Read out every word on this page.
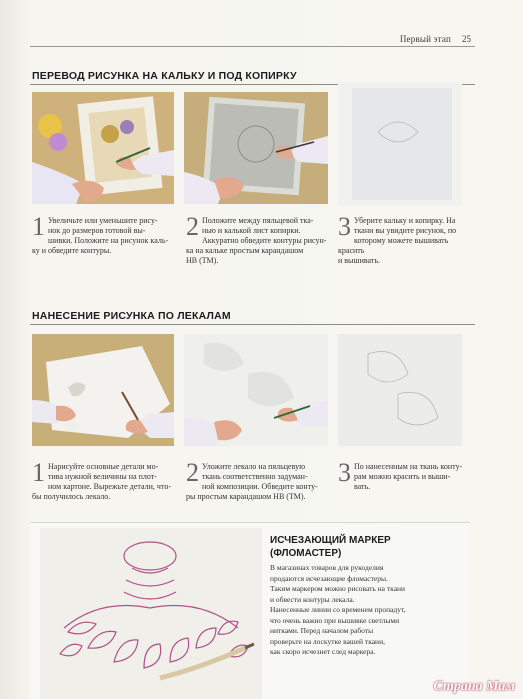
Первый этап 25
ПЕРЕВОД РИСУНКА НА КАЛЬКУ И ПОД КОПИРКУ
1 Увеличьте или уменьшите рису-
нок до размеров готовой вы-
шивки. Положите на рисунок каль-
ку и обведите контуры.
2 Положите между пяльцевой тка-
нью и калькой лист копирки.
Аккуратно обведите контуры рисун-
ка на кальке простым карандашом
НВ (ТМ).
3 Уберите кальку и копирку. На
ткани вы увидите рисунок, по
которому можете вышивать красить
и вышивать.
НАНЕСЕНИЕ РИСУНКА ПО ЛЕКАЛАМ
1 Нарисуйте основные детали мо-
тива нужной величины на плот-
ном картоне. Вырежьте детали, что-
бы получилось лекало.
2 Уложите лекало на пяльцевую
ткань соответственно задуман-
ной композиции. Обведите конту-
ры простым карандашом НВ (ТМ).
3 По нанесенным на ткань конту-
рам можно красить и выши-
вать.
ИСЧЕЗАЮЩИЙ МАРКЕР
(ФЛОМАСТЕР)
В магазинах товаров для рукоделия
продаются исчезающие фломастеры.
Таким маркером можно рисовать на ткани
и обвести контуры лекала.
Нанесенные линии со временем пропадут,
что очень важно при вышивке светлыми
нитками. Перед началом работы
проверьте на лоскутке вашей ткани,
как скоро исчезнет след маркера.
Страна Мам
